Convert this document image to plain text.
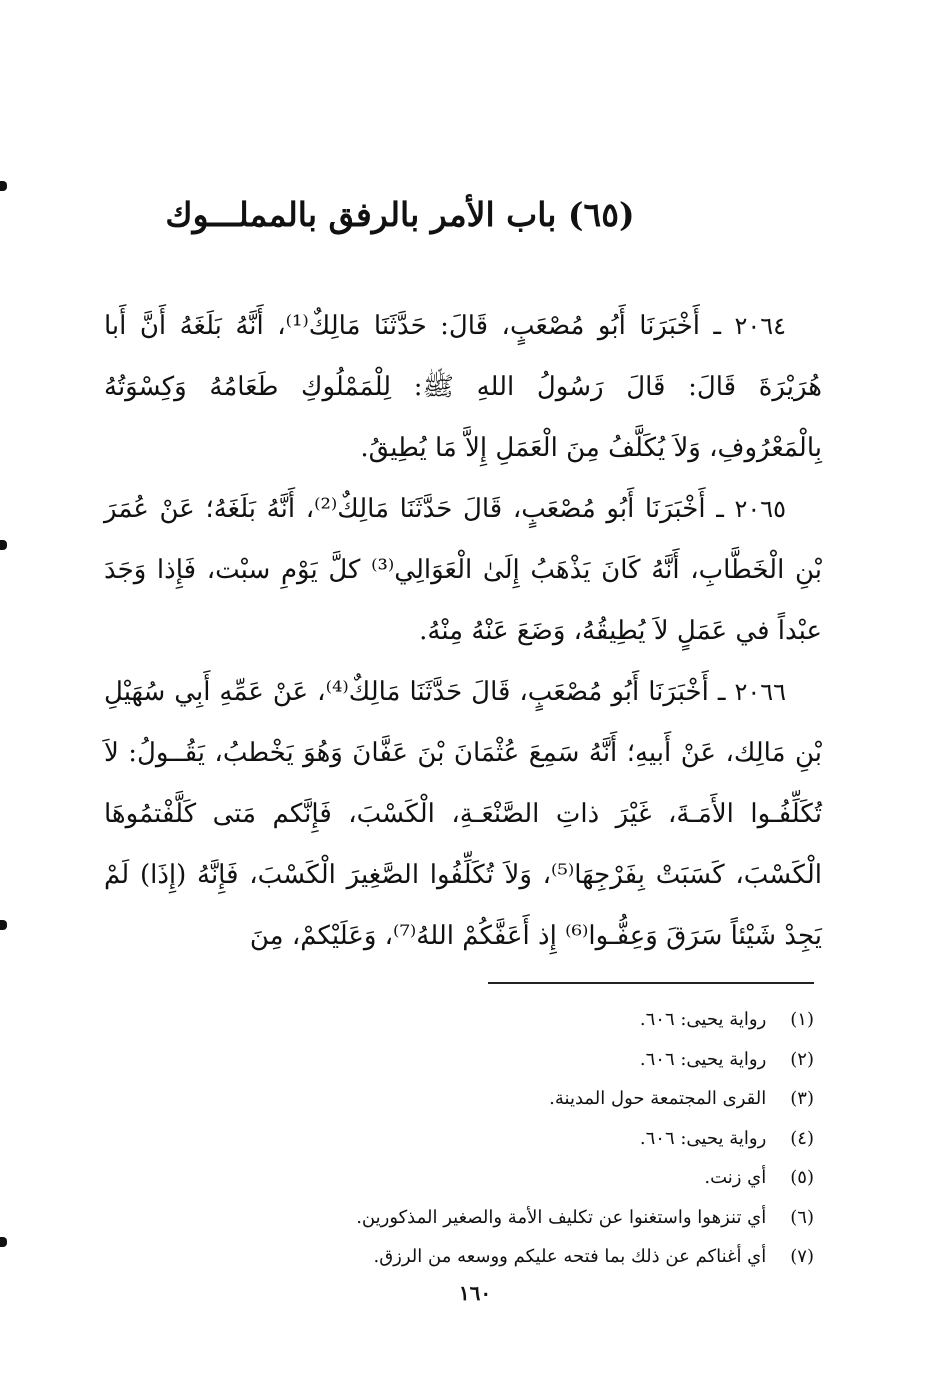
(٦٥) باب الأمر بالرفق بالمملـــوك

٢٠٦٤ ـ أَخْبَرَنَا أَبُو مُصْعَبٍ، قَالَ: حَدَّثَنَا مَالِكٌ⁽¹⁾، أَنَّهُ بَلَغَهُ أَنَّ أَبا هُرَيْرَةَ قَالَ: قَالَ رَسُولُ اللهِ ﷺ: لِلْمَمْلُوكِ طَعَامُهُ وَكِسْوَتُهُ بِالْمَعْرُوفِ، وَلاَ يُكَلَّفُ مِنَ الْعَمَلِ إِلاَّ مَا يُطِيقُ.

٢٠٦٥ ـ أَخْبَرَنَا أَبُو مُصْعَبٍ، قَالَ حَدَّثَنَا مَالِكٌ⁽²⁾، أَنَّهُ بَلَغَهُ؛ عَنْ عُمَرَ بْنِ الْخَطَّابِ، أَنَّهُ كَانَ يَذْهَبُ إِلَىٰ الْعَوَالِي⁽³⁾ كلَّ يَوْمِ سبْت، فَإِذا وَجَدَ عبْداً في عَمَلٍ لاَ يُطِيقُهُ، وَضَعَ عَنْهُ مِنْهُ.

٢٠٦٦ ـ أَخْبَرَنَا أَبُو مُصْعَبٍ، قَالَ حَدَّثَنَا مَالِكٌ⁽⁴⁾، عَنْ عَمِّهِ أَبِي سُهَيْلِ بْنِ مَالِك، عَنْ أَبيهِ؛ أَنَّهُ سَمِعَ عُثْمَانَ بْنَ عَفَّانَ وَهُوَ يَخْطبُ، يَقُــولُ: لاَ تُكَلِّفُـوا الأَمَـةَ، غَيْرَ ذاتِ الصَّنْعَـةِ، الْكَسْبَ، فَإِنَّكم مَتى كَلَّفْتمُوهَا الْكَسْبَ، كَسَبَتْ بِفَرْجِهَا⁽⁵⁾، وَلاَ تُكَلِّفُوا الصَّغِيرَ الْكَسْبَ، فَإِنَّهُ (إِذَا) لَمْ يَجِدْ شَيْئاً سَرَقَ وَعِفُّـوا⁽⁶⁾ إِذ أَعَفَّكُمْ اللهُ⁽⁷⁾، وَعَلَيْكمْ، مِنَ

(١) رواية يحيى: ٦٠٦.
(٢) رواية يحيى: ٦٠٦.
(٣) القرى المجتمعة حول المدينة.
(٤) رواية يحيى: ٦٠٦.
(٥) أي زنت.
(٦) أي تنزهوا واستغنوا عن تكليف الأمة والصغير المذكورين.
(٧) أي أغناكم عن ذلك بما فتحه عليكم ووسعه من الرزق.
١٦٠
